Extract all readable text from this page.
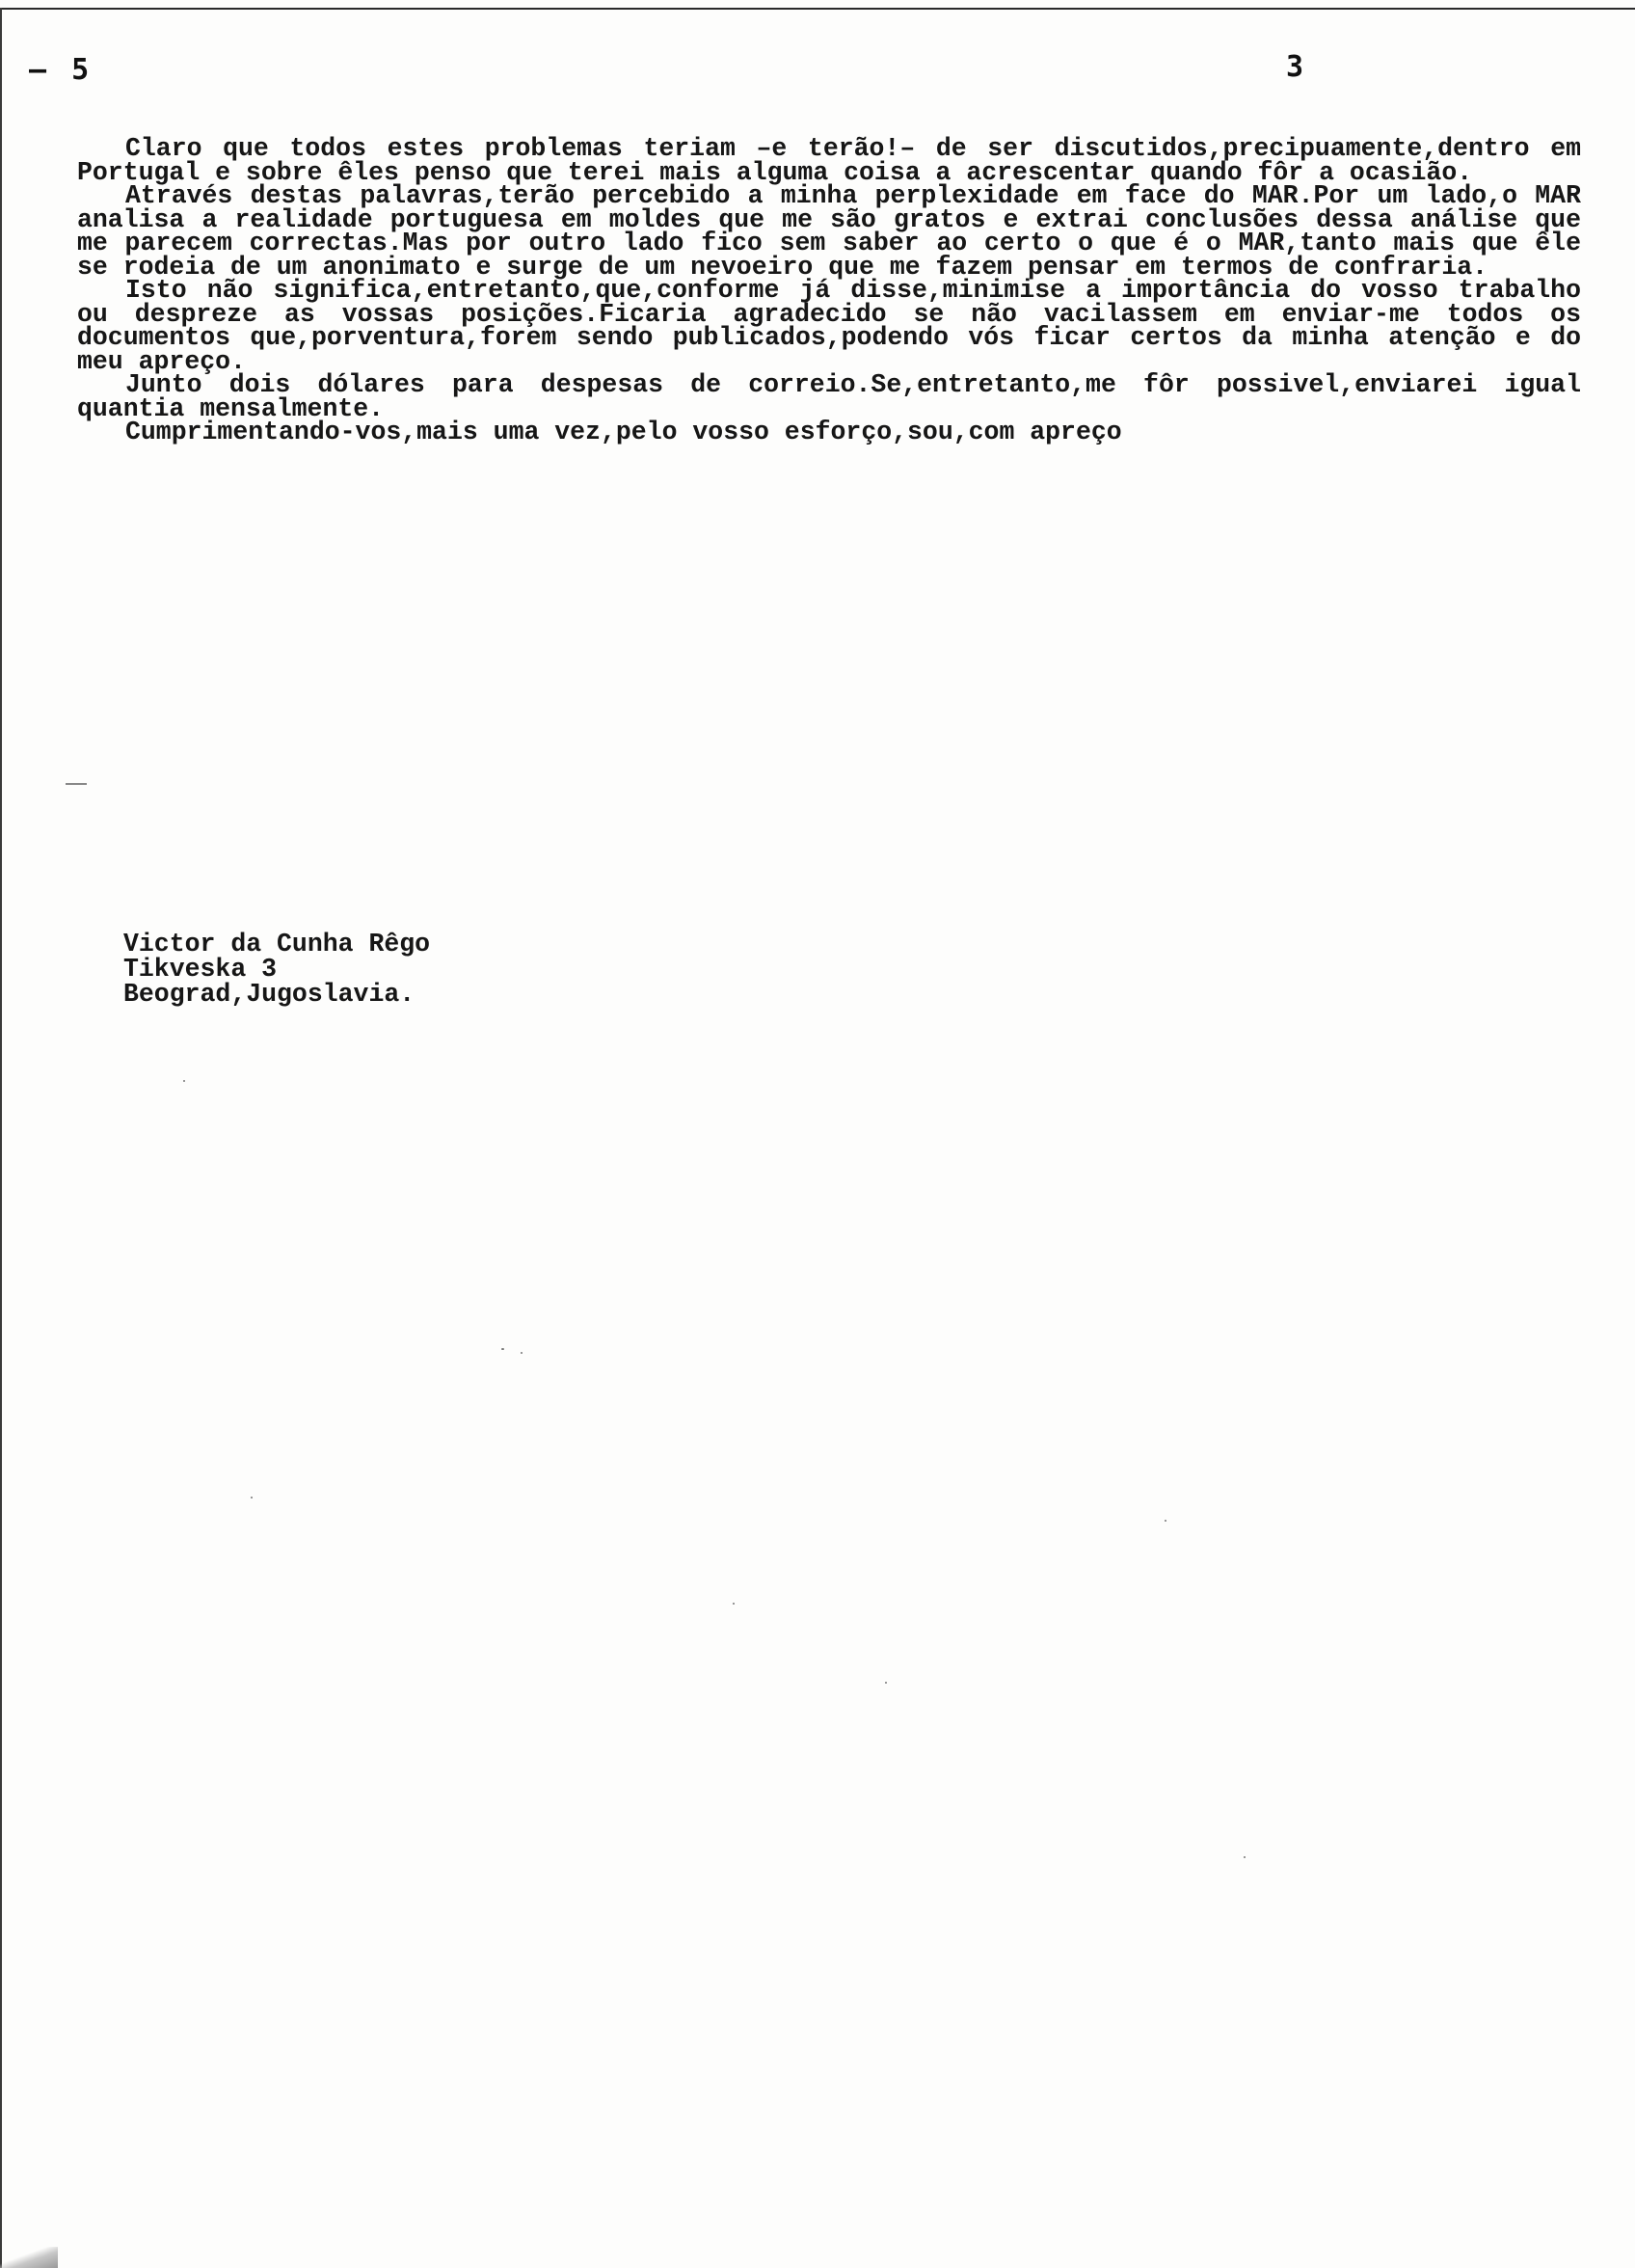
– 5	3

Claro que todos estes problemas teriam –e terão!– de ser discutidos,precipuamente,dentro em Portugal e sobre êles penso que terei mais alguma coisa a acrescentar quando fôr a ocasião.

Através destas palavras,terão percebido a minha perplexidade em face do MAR.Por um lado,o MAR analisa a realidade portuguesa em moldes que me são gratos e extrai conclusões dessa análise que me parecem correctas.Mas por outro lado fico sem saber ao certo o que é o MAR,tanto mais que êle se rodeia de um anonimato e surge de um nevoeiro que me fazem pensar em termos de confraria.

Isto não significa,entretanto,que,conforme já disse,minimise a importância do vosso trabalho ou despreze as vossas posições.Ficaria agradecido se não vacilassem em enviar-me todos os documentos que,porventura,forem sendo publicados,podendo vós ficar certos da minha atenção e do meu apreço.

Junto dois dólares para despesas de correio.Se,entretanto,me fôr possivel,enviarei igual quantia mensalmente.

Cumprimentando-vos,mais uma vez,pelo vosso esforço,sou,com apreço

Victor da Cunha Rêgo
Tikveska 3
Beograd,Jugoslavia.
